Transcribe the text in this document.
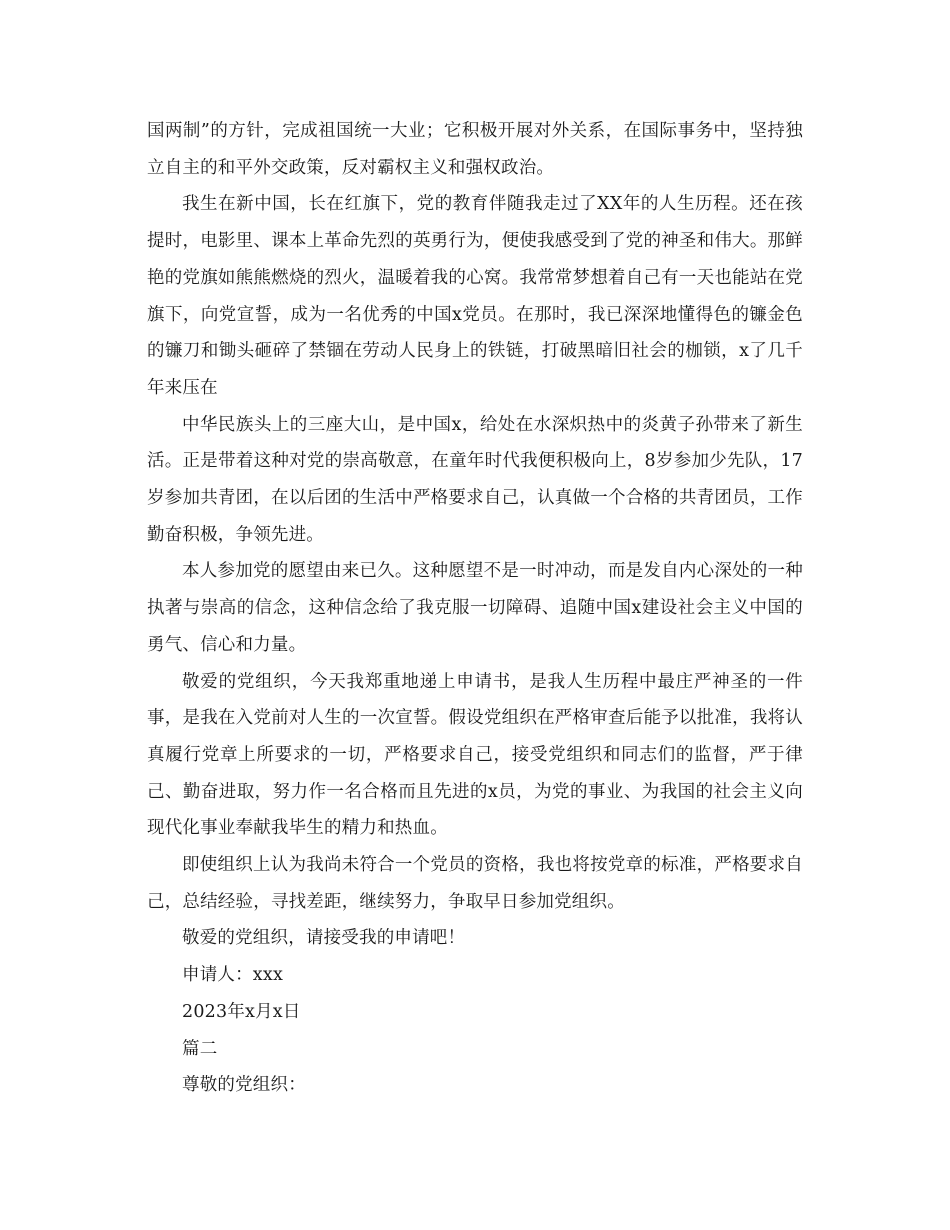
国两制”的方针，完成祖国统一大业；它积极开展对外关系，在国际事务中，坚持独立自主的和平外交政策，反对霸权主义和强权政治。

我生在新中国，长在红旗下，党的教育伴随我走过了XX年的人生历程。还在孩提时，电影里、课本上革命先烈的英勇行为，便使我感受到了党的神圣和伟大。那鲜艳的党旗如熊熊燃烧的烈火，温暖着我的心窝。我常常梦想着自己有一天也能站在党旗下，向党宣誓，成为一名优秀的中国x党员。在那时，我已深深地懂得色的镰金色的镰刀和锄头砸碎了禁锢在劳动人民身上的铁链，打破黑暗旧社会的枷锁，x了几千年来压在

中华民族头上的三座大山，是中国x，给处在水深炽热中的炎黄子孙带来了新生活。正是带着这种对党的崇高敬意，在童年时代我便积极向上，8岁参加少先队，17岁参加共青团，在以后团的生活中严格要求自己，认真做一个合格的共青团员，工作勤奋积极，争领先进。

本人参加党的愿望由来已久。这种愿望不是一时冲动，而是发自内心深处的一种执著与崇高的信念，这种信念给了我克服一切障碍、追随中国x建设社会主义中国的勇气、信心和力量。

敬爱的党组织，今天我郑重地递上申请书，是我人生历程中最庄严神圣的一件事，是我在入党前对人生的一次宣誓。假设党组织在严格审查后能予以批准，我将认真履行党章上所要求的一切，严格要求自己，接受党组织和同志们的监督，严于律己、勤奋进取，努力作一名合格而且先进的x员，为党的事业、为我国的社会主义向现代化事业奉献我毕生的精力和热血。

即使组织上认为我尚未符合一个党员的资格，我也将按党章的标准，严格要求自己，总结经验，寻找差距，继续努力，争取早日参加党组织。

敬爱的党组织，请接受我的申请吧！

申请人：xxx

2023年x月x日

篇二

尊敬的党组织：
